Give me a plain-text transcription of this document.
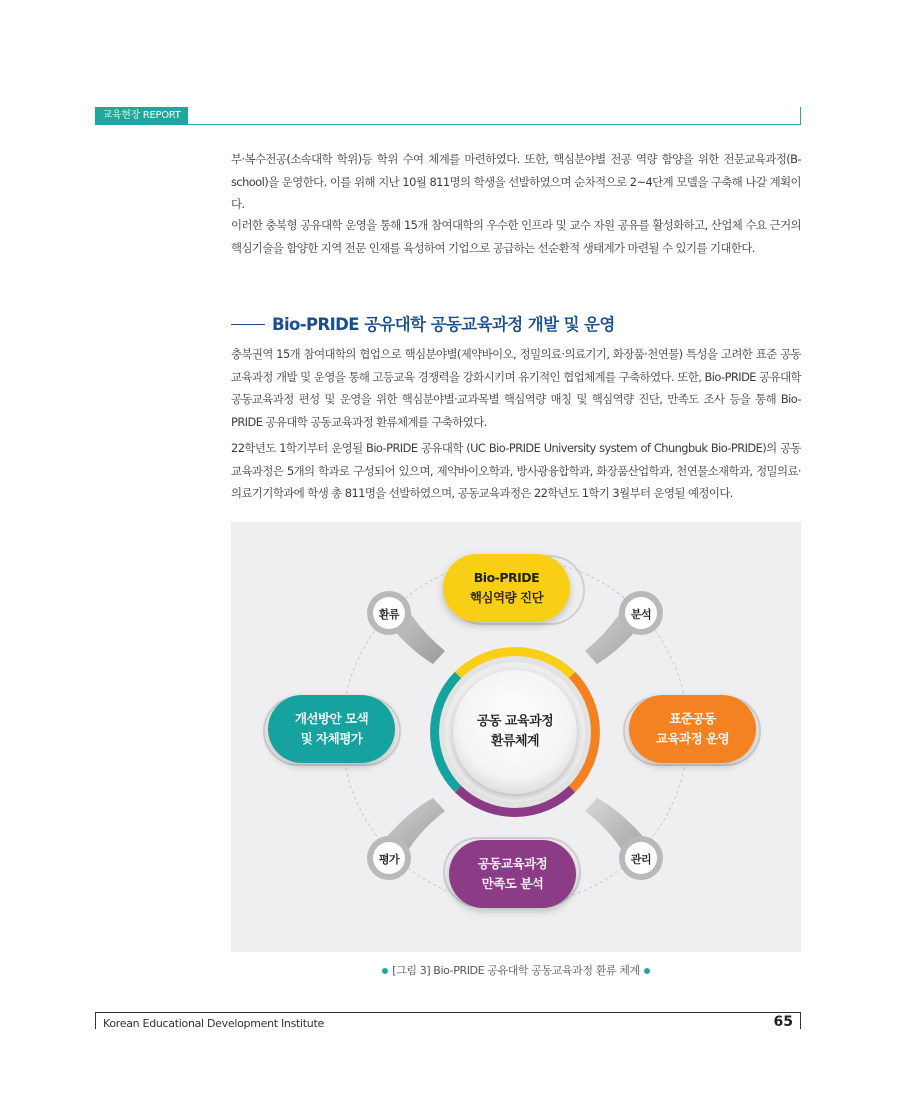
교육현장 REPORT

부·복수전공(소속대학 학위)등 학위 수여 체계를 마련하였다. 또한, 핵심분야별 전공 역량 함양을 위한 전문교육과정(B-school)을 운영한다. 이를 위해 지난 10월 811명의 학생을 선발하였으며 순차적으로 2~4단계 모델을 구축해 나갈 계획이다.

이러한 충북형 공유대학 운영을 통해 15개 참여대학의 우수한 인프라 및 교수 자원 공유를 활성화하고, 산업체 수요 근거의 핵심기술을 함양한 지역 전문 인재를 육성하여 기업으로 공급하는 선순환적 생태계가 마련될 수 있기를 기대한다.

Bio-PRIDE 공유대학 공동교육과정 개발 및 운영

충북권역 15개 참여대학의 협업으로 핵심분야별(제약바이오, 정밀의료·의료기기, 화장품·천연물) 특성을 고려한 표준 공동교육과정 개발 및 운영을 통해 고등교육 경쟁력을 강화시키며 유기적인 협업체계를 구축하였다. 또한, Bio-PRIDE 공유대학 공동교육과정 편성 및 운영을 위한 핵심분야별·교과목별 핵심역량 매칭 및 핵심역량 진단, 만족도 조사 등을 통해 Bio-PRIDE 공유대학 공동교육과정 환류체계를 구축하였다.

22학년도 1학기부터 운영될 Bio-PRIDE 공유대학 (UC Bio-PRIDE University system of Chungbuk Bio-PRIDE)의 공동교육과정은 5개의 학과로 구성되어 있으며, 제약바이오학과, 방사광융합학과, 화장품산업학과, 천연물소재학과, 정밀의료·의료기기학과에 학생 총 811명을 선발하였으며, 공동교육과정은 22학년도 1학기 3월부터 운영될 예정이다.

Bio-PRIDE
핵심역량 진단
표준공동
교육과정 운영
공동교육과정
만족도 분석
개선방안 모색
및 자체평가
공동 교육과정
환류체계
환류	분석
관리
평가
[그림 3] Bio-PRIDE 공유대학 공동교육과정 환류 체계
Korean Educational Development Institute	65
